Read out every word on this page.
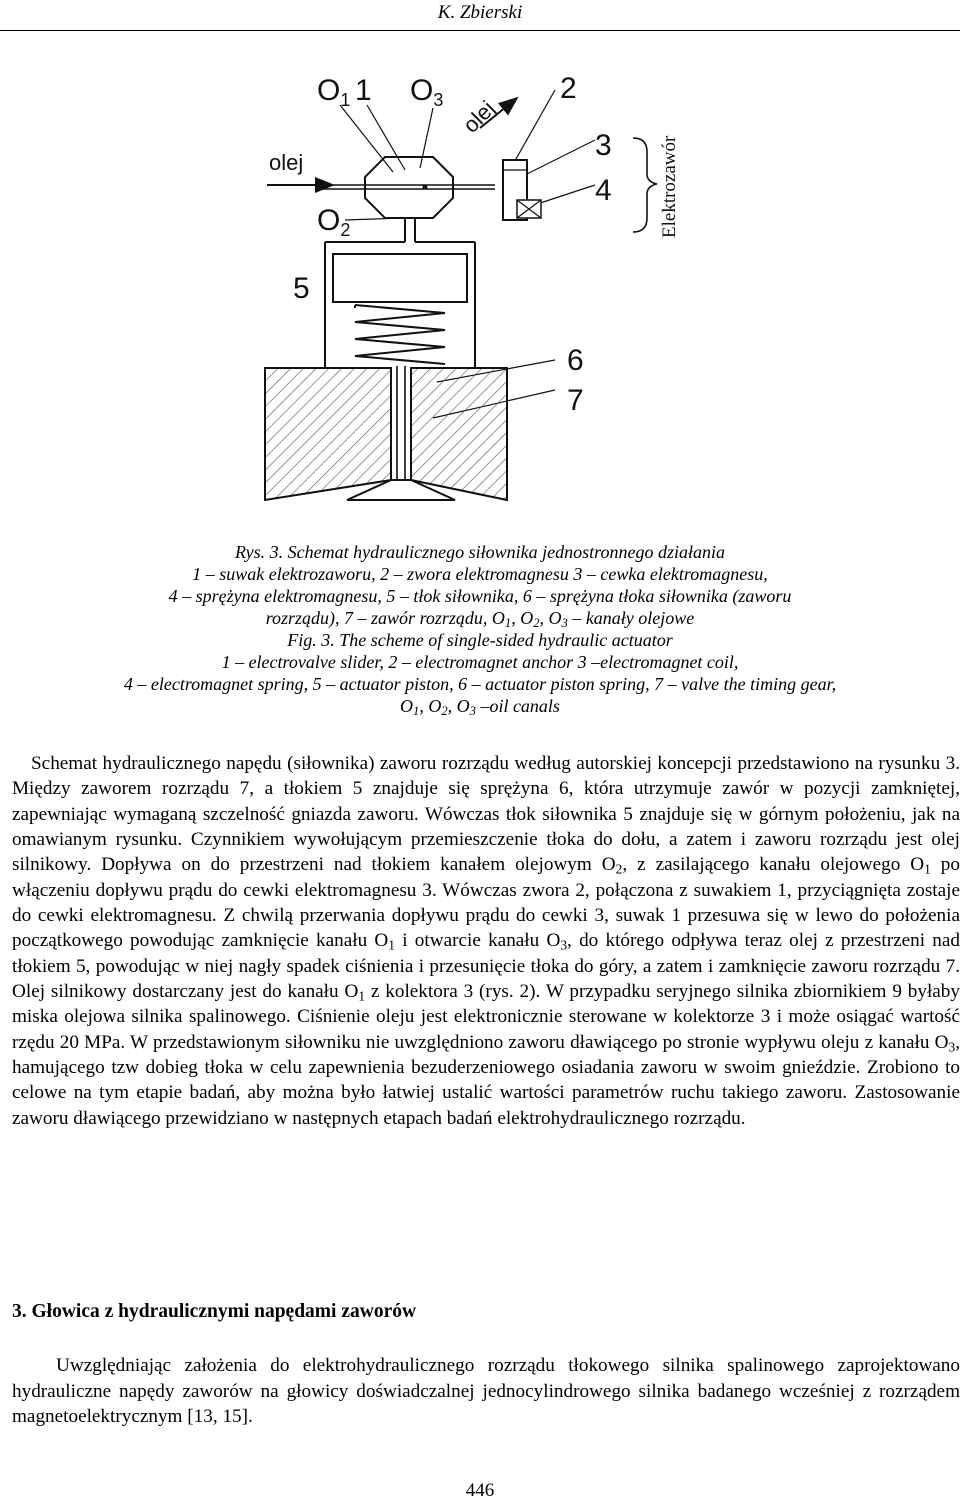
K. Zbierski
$O_1$ 1 $O_3$ olej
2
3
4
olej
$O_2$
5
6
7
Elektrozawór

Rys. 3. Schemat hydraulicznego siłownika jednostronnego działania

1 – suwak elektrozaworu, 2 – zwora elektromagnesu 3 – cewka elektromagnesu,

4 – sprężyna elektromagnesu, 5 – tłok siłownika, 6 – sprężyna tłoka siłownika (zaworu

rozrządu), 7 – zawór rozrządu, $O_1$, $O_2$, $O_3$ – kanały olejowe

Fig. 3. The scheme of single-sided hydraulic actuator

1 – electrovalve slider, 2 – electromagnet anchor 3 –electromagnet coil,

4 – electromagnet spring, 5 – actuator piston, 6 – actuator piston spring, 7 – valve the timing gear,

$O_1$, $O_2$, $O_3$ –oil canals

Schemat hydraulicznego napędu (siłownika) zaworu rozrządu według autorskiej koncepcji przedstawiono na rysunku 3. Między zaworem rozrządu 7, a tłokiem 5 znajduje się sprężyna 6, która utrzymuje zawór w pozycji zamkniętej, zapewniając wymaganą szczelność gniazda zaworu. Wówczas tłok siłownika 5 znajduje się w górnym położeniu, jak na omawianym rysunku. Czynnikiem wywołującym przemieszczenie tłoka do dołu, a zatem i zaworu rozrządu jest olej silnikowy. Dopływa on do przestrzeni nad tłokiem kanałem olejowym $O_2$, z zasilającego kanału olejowego $O_1$ po włączeniu dopływu prądu do cewki elektromagnesu 3. Wówczas zwora 2, połączona z suwakiem 1, przyciągnięta zostaje do cewki elektromagnesu. Z chwilą przerwania dopływu prądu do cewki 3, suwak 1 przesuwa się w lewo do położenia początkowego powodując zamknięcie kanału $O_1$ i otwarcie kanału $O_3$, do którego odpływa teraz olej z przestrzeni nad tłokiem 5, powodując w niej nagły spadek ciśnienia i przesunięcie tłoka do góry, a zatem i zamknięcie zaworu rozrządu 7. Olej silnikowy dostarczany jest do kanału $O_1$ z kolektora 3 (rys. 2). W przypadku seryjnego silnika zbiornikiem 9 byłaby miska olejowa silnika spalinowego. Ciśnienie oleju jest elektronicznie sterowane w kolektorze 3 i może osiągać wartość rzędu 20 MPa. W przedstawionym siłowniku nie uwzględniono zaworu dławiącego po stronie wypływu oleju z kanału $O_3$, hamującego tzw dobieg tłoka w celu zapewnienia bezuderzeniowego osiadania zaworu w swoim gnieździe. Zrobiono to celowe na tym etapie badań, aby można było łatwiej ustalić wartości parametrów ruchu takiego zaworu. Zastosowanie zaworu dławiącego przewidziano w następnych etapach badań elektrohydraulicznego rozrządu.

3. Głowica z hydraulicznymi napędami zaworów

Uwzględniając założenia do elektrohydraulicznego rozrządu tłokowego silnika spalinowego zaprojektowano hydrauliczne napędy zaworów na głowicy doświadczalnej jednocylindrowego silnika badanego wcześniej z rozrządem magnetoelektrycznym [13, 15].

446
